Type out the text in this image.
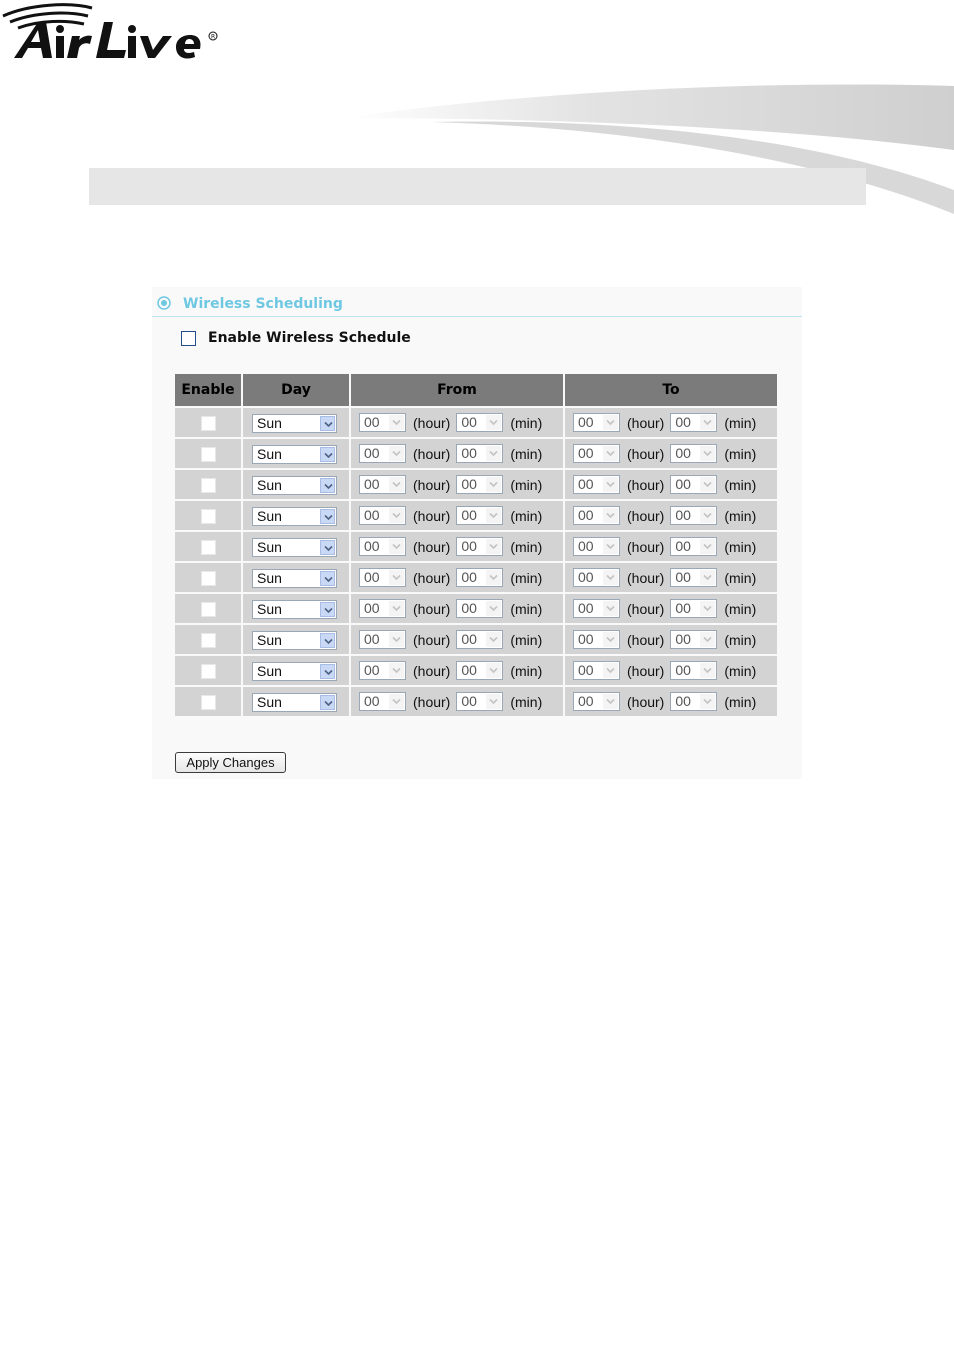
R
Wireless Scheduling
Enable Wireless Schedule
Enable	Day	From	To

	Sun	00 (hour) 00 (min)	00 (hour) 00 (min)

	Sun	00 (hour) 00 (min)	00 (hour) 00 (min)

	Sun	00 (hour) 00 (min)	00 (hour) 00 (min)

	Sun	00 (hour) 00 (min)	00 (hour) 00 (min)

	Sun	00 (hour) 00 (min)	00 (hour) 00 (min)

	Sun	00 (hour) 00 (min)	00 (hour) 00 (min)

	Sun	00 (hour) 00 (min)	00 (hour) 00 (min)

	Sun	00 (hour) 00 (min)	00 (hour) 00 (min)

	Sun	00 (hour) 00 (min)	00 (hour) 00 (min)

	Sun	00 (hour) 00 (min)	00 (hour) 00 (min)
Apply Changes
